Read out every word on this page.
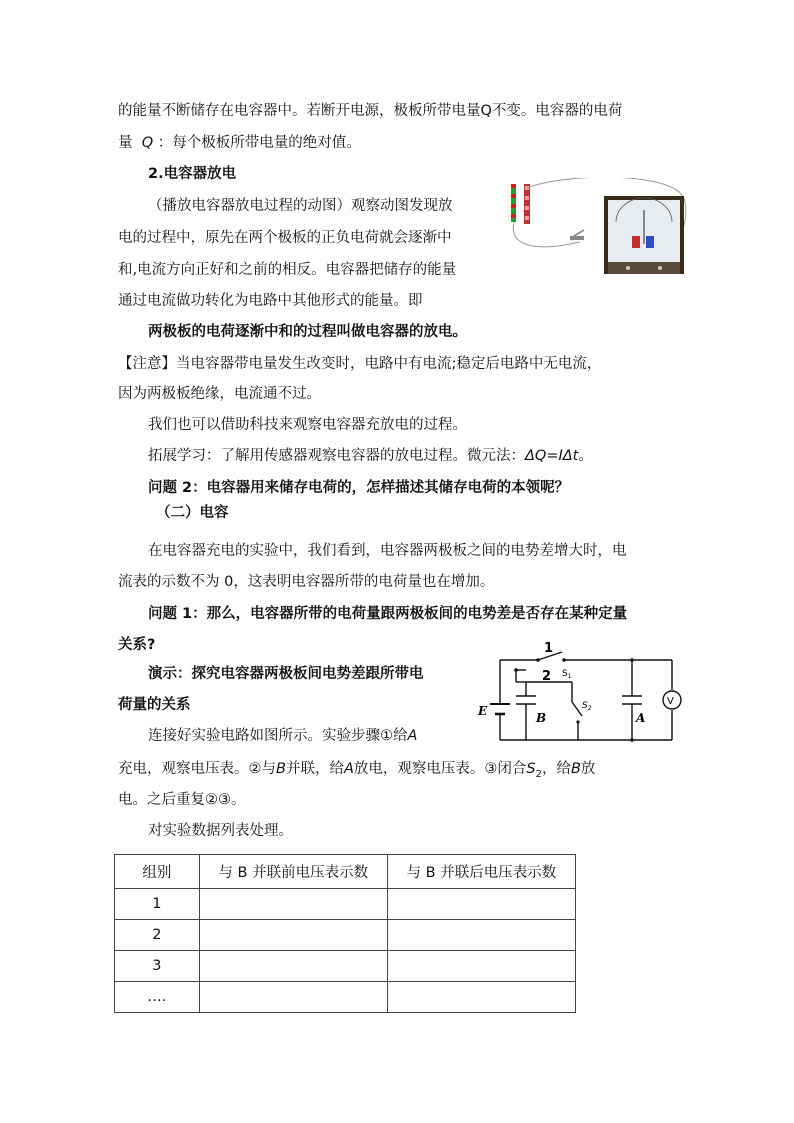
的能量不断储存在电容器中。若断开电源，极板所带电量Q不变。电容器的电荷
量 Q ：每个极板所带电量的绝对值。
2.电容器放电
（播放电容器放电过程的动图）观察动图发现放
电的过程中，原先在两个极板的正负电荷就会逐渐中
和,电流方向正好和之前的相反。电容器把储存的能量
通过电流做功转化为电路中其他形式的能量。即
两极板的电荷逐渐中和的过程叫做电容器的放电。
【注意】当电容器带电量发生改变时，电路中有电流;稳定后电路中无电流，
因为两极板绝缘，电流通不过。
我们也可以借助科技来观察电容器充放电的过程。
拓展学习：了解用传感器观察电容器的放电过程。微元法：ΔQ=IΔt。
问题 2：电容器用来储存电荷的，怎样描述其储存电荷的本领呢？
（二）电容
在电容器充电的实验中，我们看到，电容器两极板之间的电势差增大时，电
流表的示数不为 0，这表明电容器所带的电荷量也在增加。
问题 1：那么，电容器所带的电荷量跟两极板间的电势差是否存在某种定量
关系?
演示：探究电容器两极板间电势差跟所带电
荷量的关系
1
$S_1$
2
$S_2$
E	B	A
V
连接好实验电路如图所示。实验步骤①给A
充电，观察电压表。②与B并联，给A放电，观察电压表。③闭合$S_2$，给B放
电。之后重复②③。
对实验数据列表处理。
组别	与 B 并联前电压表示数	与 B 并联后电压表示数
1		
2		
3		
….		
